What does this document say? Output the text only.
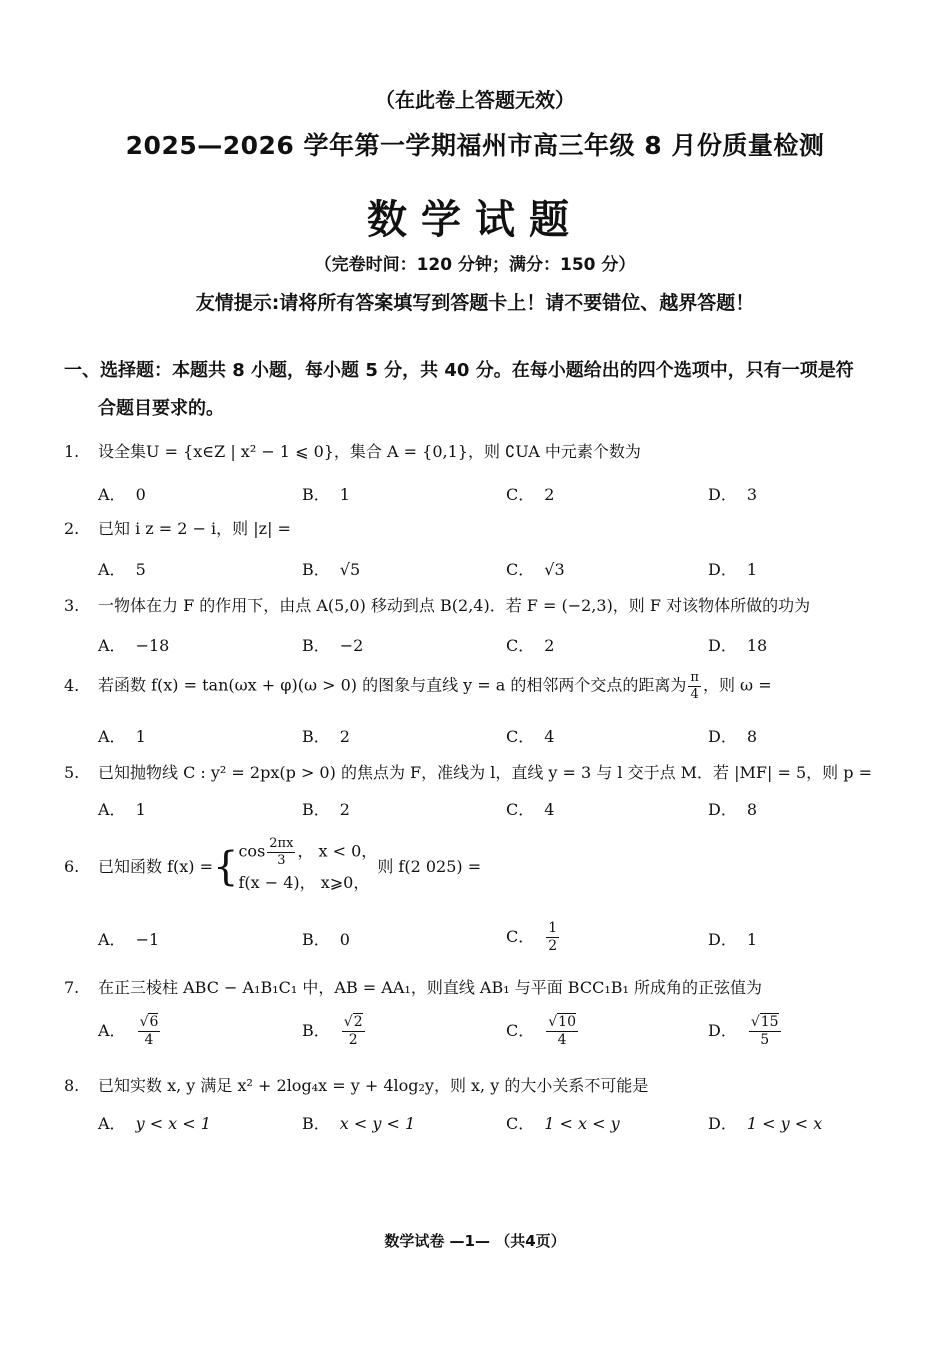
（在此卷上答题无效）
2025—2026 学年第一学期福州市高三年级 8 月份质量检测
数学试题
（完卷时间：120 分钟；满分：150 分）
友情提示:请将所有答案填写到答题卡上！请不要错位、越界答题！
一、选择题：本题共 8 小题，每小题 5 分，共 40 分。在每小题给出的四个选项中，只有一项是符
合题目要求的。
1. 设全集U = {x∈Z | x² − 1 ⩽ 0}，集合 A = {0,1}，则 ∁UA 中元素个数为
A． 0	B． 1	C． 2	D． 3
2. 已知 i z = 2 − i，则 |z| =
A． 5	B． √5	C． √3	D． 1
3. 一物体在力 F 的作用下，由点 A(5,0) 移动到点 B(2,4)．若 F = (−2,3)，则 F 对该物体所做的功为
A． −18	B． −2	C． 2	D． 18
4. 若函数 f(x) = tan(ωx + φ)(ω > 0) 的图象与直线 y = a 的相邻两个交点的距离为 $\frac{\pi}{4}$ ，则 ω =
A． 1	B． 2	C． 4	D． 8
5. 已知抛物线 C : y² = 2px(p > 0) 的焦点为 F，准线为 l，直线 y = 3 与 l 交于点 M．若 |MF| = 5，则 p =
A． 1	B． 2	C． 4	D． 8
6. 已知函数 f(x) ={ $\cos \frac{2\pi x}{3}$ ， x < 0，
f(x − 4)， x⩾0，
则 f(2 025) =
A． −1	B． 0	C． $\frac{1}{2}$	D． 1
7. 在正三棱柱 ABC − A₁B₁C₁ 中，AB = AA₁，则直线 AB₁ 与平面 BCC₁B₁ 所成角的正弦值为
A． $\frac{√6}{4}$	B． $\frac{√2}{2}$	C． $\frac{√10}{4}$	D． $\frac{√15}{5}$
8. 已知实数 x, y 满足 x² + 2log₄x = y + 4log₂y，则 x, y 的大小关系不可能是
A． y < x < 1	B． x < y < 1	C． 1 < x < y	D． 1 < y < x
数学试卷 —1— （共4页）
